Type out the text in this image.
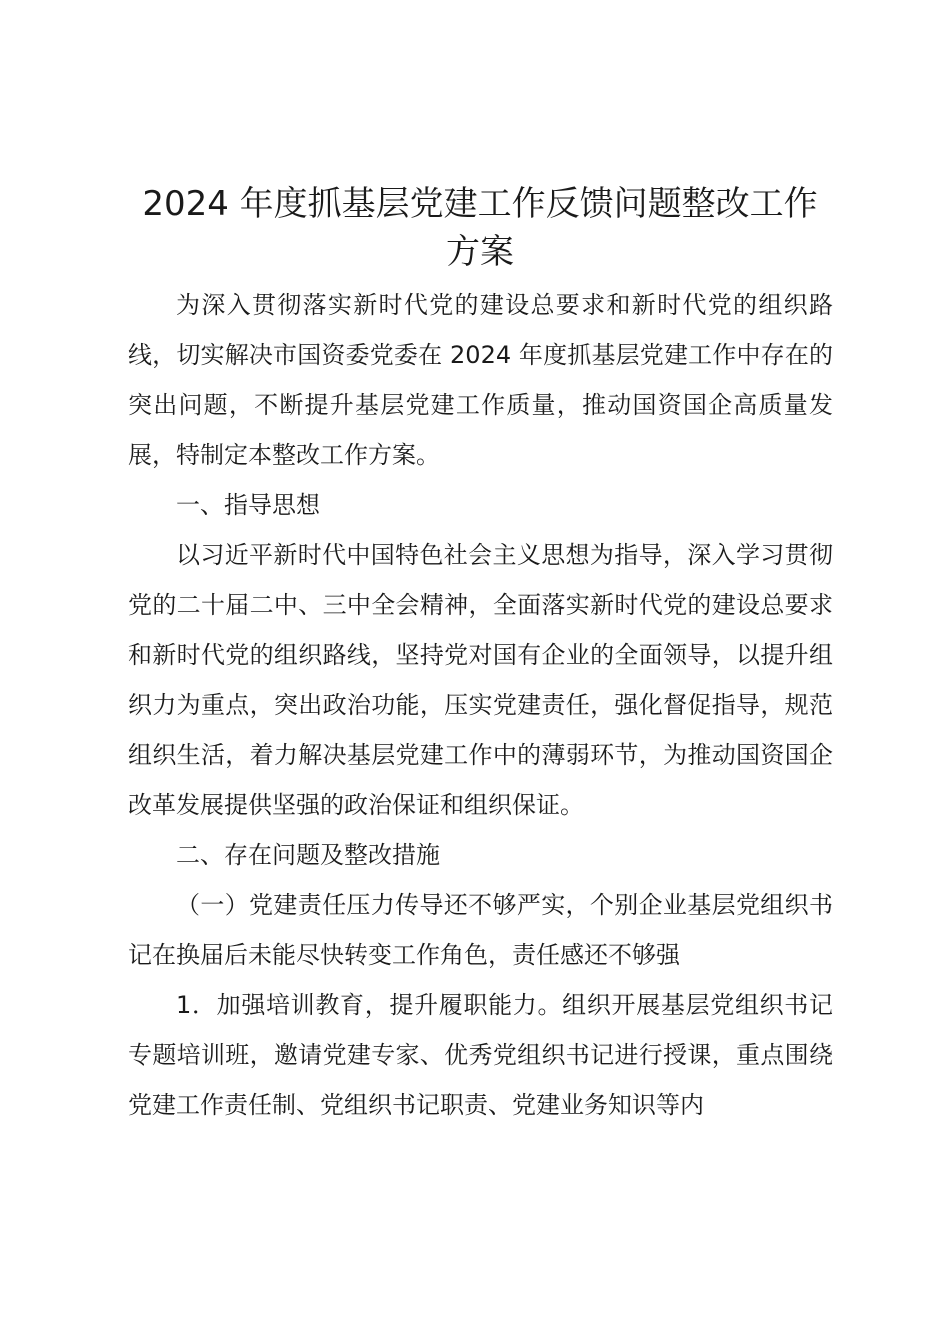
2024 年度抓基层党建工作反馈问题整改工作
方案

为深入贯彻落实新时代党的建设总要求和新时代党的组织路线，切实解决市国资委党委在 2024 年度抓基层党建工作中存在的突出问题，不断提升基层党建工作质量，推动国资国企高质量发展，特制定本整改工作方案。

一、指导思想

以习近平新时代中国特色社会主义思想为指导，深入学习贯彻党的二十届二中、三中全会精神，全面落实新时代党的建设总要求和新时代党的组织路线，坚持党对国有企业的全面领导，以提升组织力为重点，突出政治功能，压实党建责任，强化督促指导，规范组织生活，着力解决基层党建工作中的薄弱环节，为推动国资国企改革发展提供坚强的政治保证和组织保证。

二、存在问题及整改措施

（一）党建责任压力传导还不够严实，个别企业基层党组织书记在换届后未能尽快转变工作角色，责任感还不够强

1．加强培训教育，提升履职能力。组织开展基层党组织书记专题培训班，邀请党建专家、优秀党组织书记进行授课，重点围绕党建工作责任制、党组织书记职责、党建业务知识等内
